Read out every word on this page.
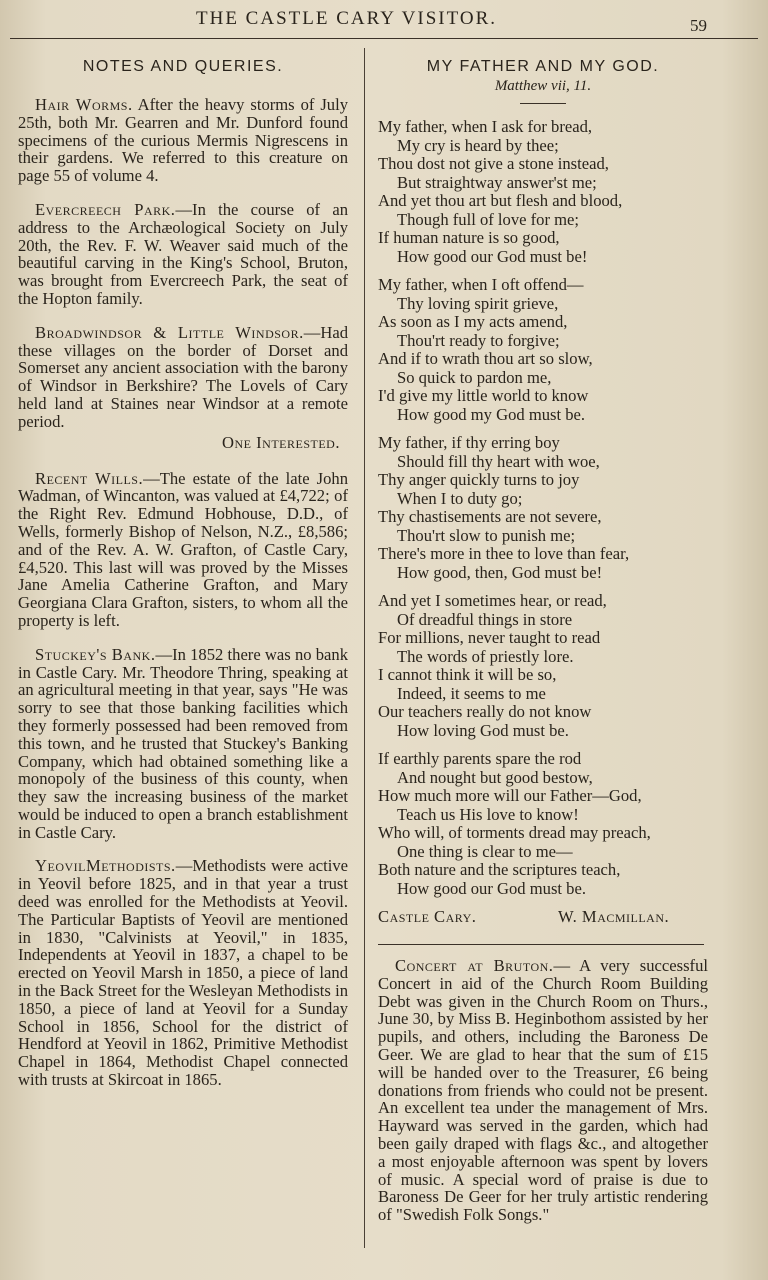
THE CASTLE CARY VISITOR.	59
NOTES AND QUERIES.

Hair Worms. After the heavy storms of July 25th, both Mr. Gearren and Mr. Dunford found specimens of the curious Mermis Nigrescens in their gardens. We referred to this creature on page 55 of volume 4.

Evercreech Park.—In the course of an address to the Archæological Society on July 20th, the Rev. F. W. Weaver said much of the beautiful carving in the King's School, Bruton, was brought from Evercreech Park, the seat of the Hopton family.

Broadwindsor & Little Windsor.—Had these villages on the border of Dorset and Somerset any ancient association with the barony of Windsor in Berkshire? The Lovels of Cary held land at Staines near Windsor at a remote period.

One Interested.

Recent Wills.—The estate of the late John Wadman, of Wincanton, was valued at £4,722; of the Right Rev. Edmund Hobhouse, D.D., of Wells, formerly Bishop of Nelson, N.Z., £8,586; and of the Rev. A. W. Grafton, of Castle Cary, £4,520. This last will was proved by the Misses Jane Amelia Catherine Grafton, and Mary Georgiana Clara Grafton, sisters, to whom all the property is left.

Stuckey's Bank.—In 1852 there was no bank in Castle Cary. Mr. Theodore Thring, speaking at an agricultural meeting in that year, says "He was sorry to see that those banking facilities which they formerly possessed had been removed from this town, and he trusted that Stuckey's Banking Company, which had obtained something like a monopoly of the business of this county, when they saw the increasing business of the market would be induced to open a branch establishment in Castle Cary.

YeovilMethodists.—Methodists were active in Yeovil before 1825, and in that year a trust deed was enrolled for the Methodists at Yeovil. The Particular Baptists of Yeovil are mentioned in 1830, "Calvinists at Yeovil," in 1835, Independents at Yeovil in 1837, a chapel to be erected on Yeovil Marsh in 1850, a piece of land in the Back Street for the Wesleyan Methodists in 1850, a piece of land at Yeovil for a Sunday School in 1856, School for the district of Hendford at Yeovil in 1862, Primitive Methodist Chapel in 1864, Methodist Chapel connected with trusts at Skircoat in 1865.

MY FATHER AND MY GOD.
Matthew vii, 11.
My father, when I ask for bread,
My cry is heard by thee;
Thou dost not give a stone instead,
But straightway answer'st me;
And yet thou art but flesh and blood,
Though full of love for me;
If human nature is so good,
How good our God must be!
My father, when I oft offend—
Thy loving spirit grieve,
As soon as I my acts amend,
Thou'rt ready to forgive;
And if to wrath thou art so slow,
So quick to pardon me,
I'd give my little world to know
How good my God must be.
My father, if thy erring boy
Should fill thy heart with woe,
Thy anger quickly turns to joy
When I to duty go;
Thy chastisements are not severe,
Thou'rt slow to punish me;
There's more in thee to love than fear,
How good, then, God must be!
And yet I sometimes hear, or read,
Of dreadful things in store
For millions, never taught to read
The words of priestly lore.
I cannot think it will be so,
Indeed, it seems to me
Our teachers really do not know
How loving God must be.
If earthly parents spare the rod
And nought but good bestow,
How much more will our Father—God,
Teach us His love to know!
Who will, of torments dread may preach,
One thing is clear to me—
Both nature and the scriptures teach,
How good our God must be.
Castle Cary.	W. Macmillan.

Concert at Bruton.— A very successful Concert in aid of the Church Room Building Debt was given in the Church Room on Thurs., June 30, by Miss B. Heginbothom assisted by her pupils, and others, including the Baroness De Geer. We are glad to hear that the sum of £15 will be handed over to the Treasurer, £6 being donations from friends who could not be present. An excellent tea under the management of Mrs. Hayward was served in the garden, which had been gaily draped with flags &c., and altogether a most enjoyable afternoon was spent by lovers of music. A special word of praise is due to Baroness De Geer for her truly artistic rendering of "Swedish Folk Songs."
